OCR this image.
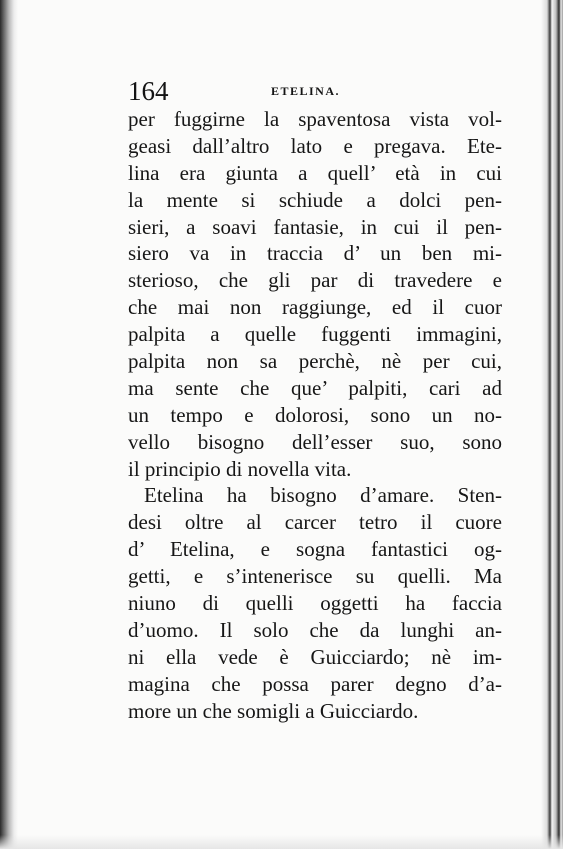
164	ETELINA.
per fuggirne la spaventosa vista vol-
geasi dall’altro lato e pregava. Ete-
lina era giunta a quell’ età in cui
la mente si schiude a dolci pen-
sieri, a soavi fantasie, in cui il pen-
siero va in traccia d’ un ben mi-
sterioso, che gli par di travedere e
che mai non raggiunge, ed il cuor
palpita a quelle fuggenti immagini,
palpita non sa perchè, nè per cui,
ma sente che que’ palpiti, cari ad
un tempo e dolorosi, sono un no-
vello bisogno dell’esser suo, sono
il principio di novella vita.
Etelina ha bisogno d’amare. Sten-
desi oltre al carcer tetro il cuore
d’ Etelina, e sogna fantastici og-
getti, e s’intenerisce su quelli. Ma
niuno di quelli oggetti ha faccia
d’uomo. Il solo che da lunghi an-
ni ella vede è Guicciardo; nè im-
magina che possa parer degno d’a-
more un che somigli a Guicciardo.
